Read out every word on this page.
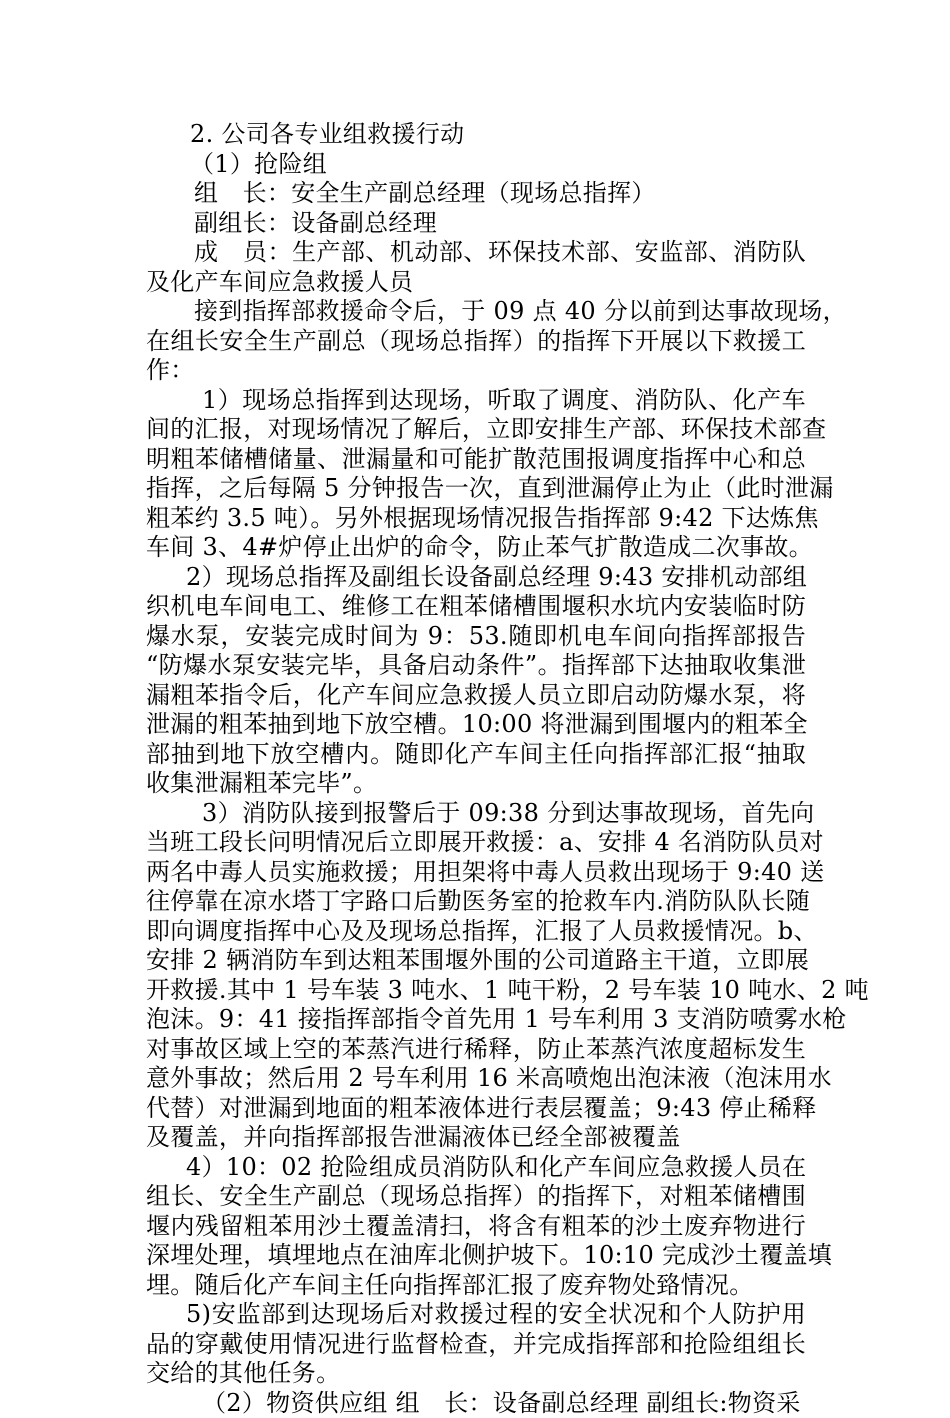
2. 公司各专业组救援行动
（1）抢险组
组　长：安全生产副总经理（现场总指挥）
副组长：设备副总经理
成　员：生产部、机动部、环保技术部、安监部、消防队
及化产车间应急救援人员
接到指挥部救援命令后，于 09 点 40 分以前到达事故现场，
在组长安全生产副总（现场总指挥）的指挥下开展以下救援工
作：
1）现场总指挥到达现场，听取了调度、消防队、化产车
间的汇报，对现场情况了解后，立即安排生产部、环保技术部查
明粗苯储槽储量、泄漏量和可能扩散范围报调度指挥中心和总
指挥，之后每隔 5 分钟报告一次，直到泄漏停止为止（此时泄漏
粗苯约 3.5 吨）。另外根据现场情况报告指挥部 9:42 下达炼焦
车间 3、4#炉停止出炉的命令，防止苯气扩散造成二次事故。
2）现场总指挥及副组长设备副总经理 9:43 安排机动部组
织机电车间电工、维修工在粗苯储槽围堰积水坑内安装临时防
爆水泵，安装完成时间为 9：53.随即机电车间向指挥部报告
“防爆水泵安装完毕，具备启动条件”。指挥部下达抽取收集泄
漏粗苯指令后，化产车间应急救援人员立即启动防爆水泵，将
泄漏的粗苯抽到地下放空槽。10:00 将泄漏到围堰内的粗苯全
部抽到地下放空槽内。随即化产车间主任向指挥部汇报“抽取
收集泄漏粗苯完毕”。
3）消防队接到报警后于 09:38 分到达事故现场，首先向
当班工段长问明情况后立即展开救援：a、安排 4 名消防队员对
两名中毒人员实施救援；用担架将中毒人员救出现场于 9:40 送
往停靠在凉水塔丁字路口后勤医务室的抢救车内.消防队队长随
即向调度指挥中心及及现场总指挥，汇报了人员救援情况。b、
安排 2 辆消防车到达粗苯围堰外围的公司道路主干道，立即展
开救援.其中 1 号车装 3 吨水、1 吨干粉，2 号车装 10 吨水、2 吨
泡沫。9：41 接指挥部指令首先用 1 号车利用 3 支消防喷雾水枪
对事故区域上空的苯蒸汽进行稀释，防止苯蒸汽浓度超标发生
意外事故；然后用 2 号车利用 16 米高喷炮出泡沫液（泡沫用水
代替）对泄漏到地面的粗苯液体进行表层覆盖；9:43 停止稀释
及覆盖，并向指挥部报告泄漏液体已经全部被覆盖
4）10：02 抢险组成员消防队和化产车间应急救援人员在
组长、安全生产副总（现场总指挥）的指挥下，对粗苯储槽围
堰内残留粗苯用沙土覆盖清扫，将含有粗苯的沙土废弃物进行
深埋处理，填埋地点在油库北侧护坡下。10:10 完成沙土覆盖填
埋。随后化产车间主任向指挥部汇报了废弃物处臵情况。
5)安监部到达现场后对救援过程的安全状况和个人防护用
品的穿戴使用情况进行监督检查，并完成指挥部和抢险组组长
交给的其他任务。
（2）物资供应组 组　长：设备副总经理 副组长:物资采
